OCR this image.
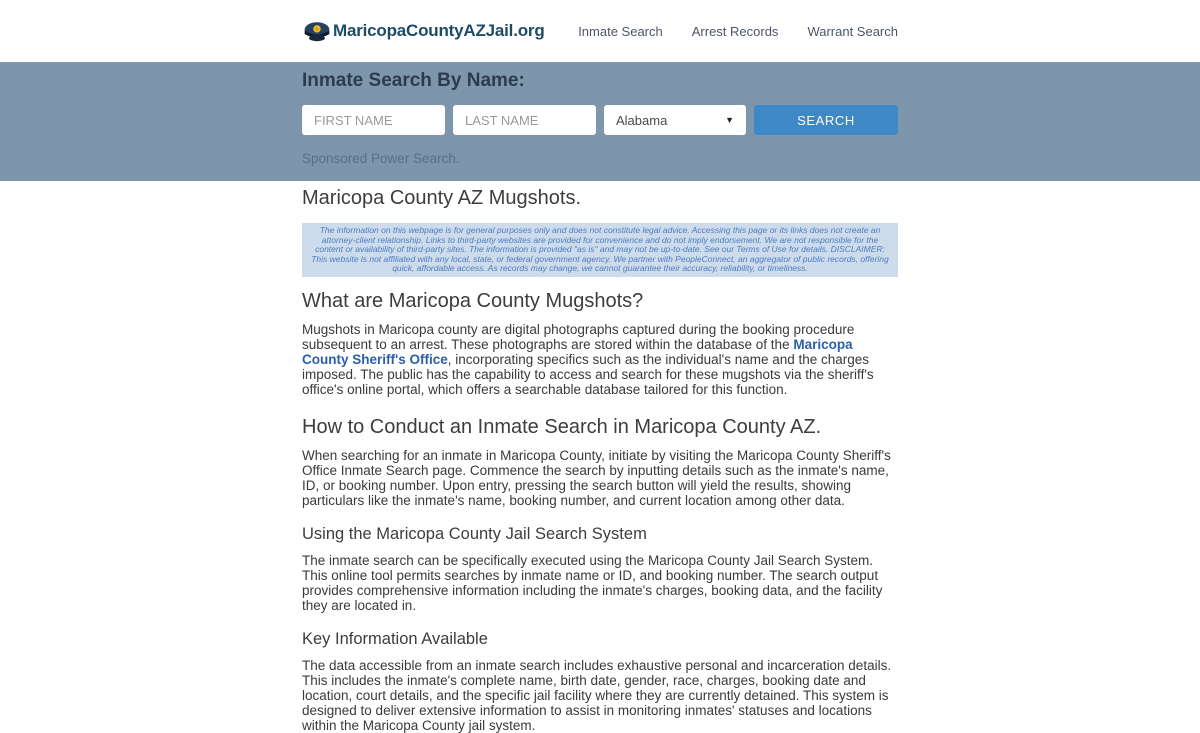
MaricopaCountyAZJail.org	Inmate Search Arrest Records Warrant Search
Inmate Search By Name:
FIRST NAME
LAST NAME
Alabama	▼	SEARCH
Sponsored Power Search.
Maricopa County AZ Mugshots.
The information on this webpage is for general purposes only and does not constitute legal advice. Accessing this page or its links does not create an attorney-client relationship. Links to third-party websites are provided for convenience and do not imply endorsement. We are not responsible for the content or availability of third-party sites. The information is provided "as is" and may not be up-to-date. See our Terms of Use for details. DISCLAIMER: This website is not affiliated with any local, state, or federal government agency. We partner with PeopleConnect, an aggregator of public records, offering quick, affordable access. As records may change, we cannot guarantee their accuracy, reliability, or timeliness.
What are Maricopa County Mugshots?

Mugshots in Maricopa county are digital photographs captured during the booking procedure subsequent to an arrest. These photographs are stored within the database of the Maricopa County Sheriff's Office, incorporating specifics such as the individual's name and the charges imposed. The public has the capability to access and search for these mugshots via the sheriff's office's online portal, which offers a searchable database tailored for this function.

How to Conduct an Inmate Search in Maricopa County AZ.

When searching for an inmate in Maricopa County, initiate by visiting the Maricopa County Sheriff's Office Inmate Search page. Commence the search by inputting details such as the inmate's name, ID, or booking number. Upon entry, pressing the search button will yield the results, showing particulars like the inmate's name, booking number, and current location among other data.

Using the Maricopa County Jail Search System

The inmate search can be specifically executed using the Maricopa County Jail Search System. This online tool permits searches by inmate name or ID, and booking number. The search output provides comprehensive information including the inmate's charges, booking data, and the facility they are located in.

Key Information Available

The data accessible from an inmate search includes exhaustive personal and incarceration details. This includes the inmate's complete name, birth date, gender, race, charges, booking date and location, court details, and the specific jail facility where they are currently detained. This system is designed to deliver extensive information to assist in monitoring inmates' statuses and locations within the Maricopa County jail system.
